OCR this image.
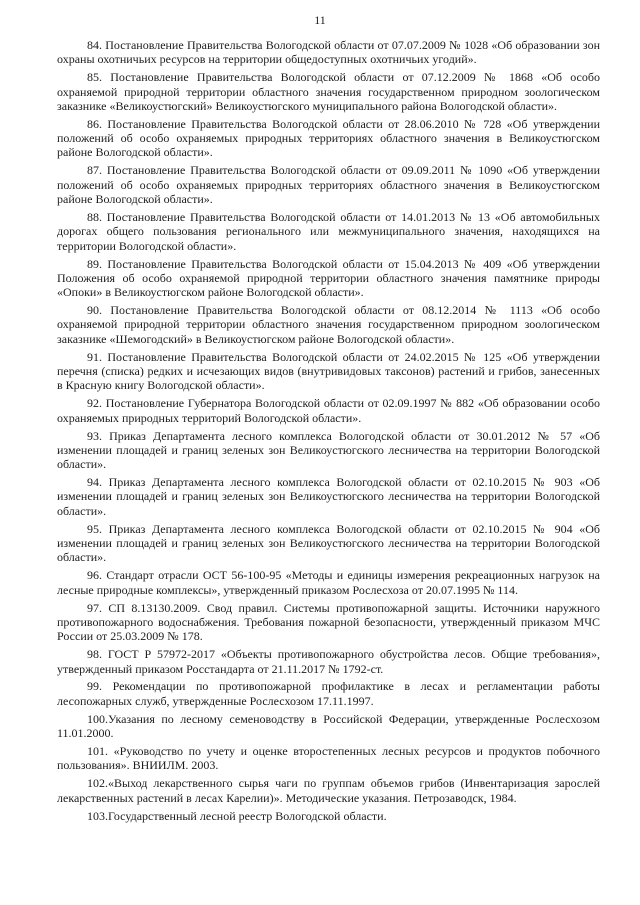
11

84. Постановление Правительства Вологодской области от 07.07.2009 № 1028 «Об образовании зон охраны охотничьих ресурсов на территории общедоступных охотничьих угодий».

85. Постановление Правительства Вологодской области от 07.12.2009 № 1868 «Об особо охраняемой природной территории областного значения государственном природном зоологическом заказнике «Великоустюгский» Великоустюгского муниципального района Вологодской области».

86. Постановление Правительства Вологодской области от 28.06.2010 № 728 «Об утверждении положений об особо охраняемых природных территориях областного значения в Великоустюгском районе Вологодской области».

87. Постановление Правительства Вологодской области от 09.09.2011 № 1090 «Об утверждении положений об особо охраняемых природных территориях областного значения в Великоустюгском районе Вологодской области».

88. Постановление Правительства Вологодской области от 14.01.2013 № 13 «Об автомобильных дорогах общего пользования регионального или межмуниципального значения, находящихся на территории Вологодской области».

89. Постановление Правительства Вологодской области от 15.04.2013 № 409 «Об утверждении Положения об особо охраняемой природной территории областного значения памятнике природы «Опоки» в Великоустюгском районе Вологодской области».

90. Постановление Правительства Вологодской области от 08.12.2014 № 1113 «Об особо охраняемой природной территории областного значения государственном природном зоологическом заказнике «Шемогодский» в Великоустюгском районе Вологодской области».

91. Постановление Правительства Вологодской области от 24.02.2015 № 125 «Об утверждении перечня (списка) редких и исчезающих видов (внутривидовых таксонов) растений и грибов, занесенных в Красную книгу Вологодской области».

92. Постановление Губернатора Вологодской области от 02.09.1997 № 882 «Об образовании особо охраняемых природных территорий Вологодской области».

93. Приказ Департамента лесного комплекса Вологодской области от 30.01.2012 № 57 «Об изменении площадей и границ зеленых зон Великоустюгского лесничества на территории Вологодской области».

94. Приказ Департамента лесного комплекса Вологодской области от 02.10.2015 № 903 «Об изменении площадей и границ зеленых зон Великоустюгского лесничества на территории Вологодской области».

95. Приказ Департамента лесного комплекса Вологодской области от 02.10.2015 № 904 «Об изменении площадей и границ зеленых зон Великоустюгского лесничества на территории Вологодской области».

96. Стандарт отрасли ОСТ 56-100-95 «Методы и единицы измерения рекреационных нагрузок на лесные природные комплексы», утвержденный приказом Рослесхоза от 20.07.1995 № 114.

97. СП 8.13130.2009. Свод правил. Системы противопожарной защиты. Источники наружного противопожарного водоснабжения. Требования пожарной безопасности, утвержденный приказом МЧС России от 25.03.2009 № 178.

98. ГОСТ Р 57972-2017 «Объекты противопожарного обустройства лесов. Общие требования», утвержденный приказом Росстандарта от 21.11.2017 № 1792-ст.

99. Рекомендации по противопожарной профилактике в лесах и регламентации работы лесопожарных служб, утвержденные Рослесхозом 17.11.1997.

100.Указания по лесному семеноводству в Российской Федерации, утвержденные Рослесхозом 11.01.2000.

101. «Руководство по учету и оценке второстепенных лесных ресурсов и продуктов побочного пользования». ВНИИЛМ. 2003.

102.«Выход лекарственного сырья чаги по группам объемов грибов (Инвентаризация зарослей лекарственных растений в лесах Карелии)». Методические указания. Петрозаводск, 1984.

103.Государственный лесной реестр Вологодской области.
